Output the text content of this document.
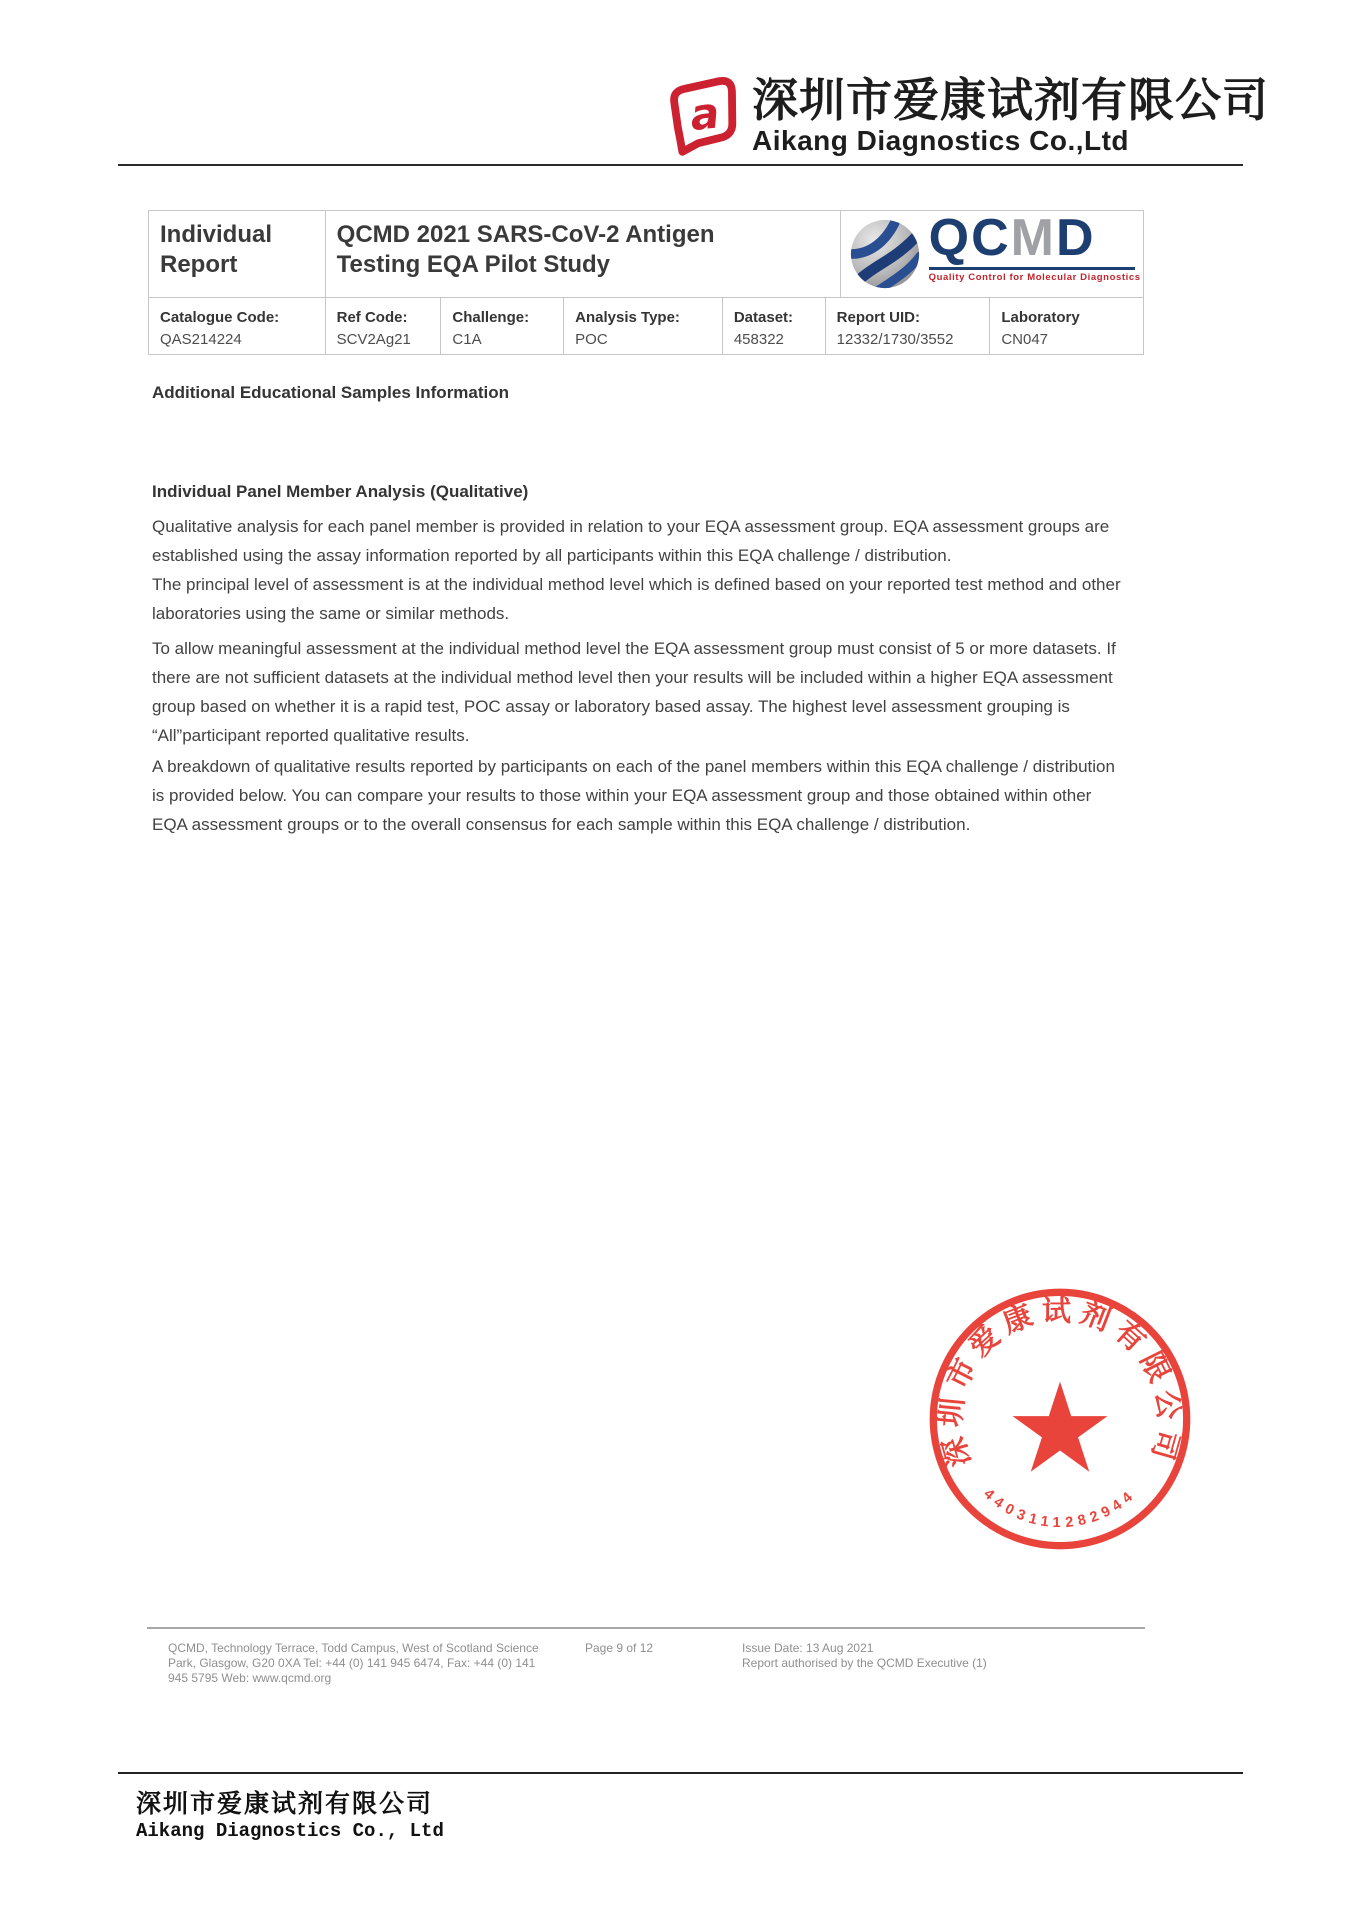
a 深圳市爱康试剂有限公司
Aikang Diagnostics Co.,Ltd
Individual Report
QCMD 2021 SARS-CoV-2 Antigen
Testing EQA Pilot Study	QCMD
Quality Control for Molecular Diagnostics
Catalogue Code:
QAS214224
Ref Code:
SCV2Ag21
Challenge:
C1A
Analysis Type:
POC
Dataset:
458322
Report UID:
12332/1730/3552
Laboratory
CN047
Additional Educational Samples Information
Individual Panel Member Analysis (Qualitative)
Qualitative analysis for each panel member is provided in relation to your EQA assessment group. EQA assessment groups are
established using the assay information reported by all participants within this EQA challenge / distribution.
The principal level of assessment is at the individual method level which is defined based on your reported test method and other
laboratories using the same or similar methods.
To allow meaningful assessment at the individual method level the EQA assessment group must consist of 5 or more datasets. If
there are not sufficient datasets at the individual method level then your results will be included within a higher EQA assessment
group based on whether it is a rapid test, POC assay or laboratory based assay. The highest level assessment grouping is
“All”participant reported qualitative results.
A breakdown of qualitative results reported by participants on each of the panel members within this EQA challenge / distribution
is provided below. You can compare your results to those within your EQA assessment group and those obtained within other
EQA assessment groups or to the overall consensus for each sample within this EQA challenge / distribution.
深圳市爱康试剂有限公司
4403111282944
QCMD, Technology Terrace, Todd Campus, West of Scotland Science
Park, Glasgow, G20 0XA Tel: +44 (0) 141 945 6474, Fax: +44 (0) 141
945 5795 Web: www.qcmd.org
Page 9 of 12	Issue Date: 13 Aug 2021
Report authorised by the QCMD Executive (1)
深圳市爱康试剂有限公司
Aikang Diagnostics Co., Ltd
